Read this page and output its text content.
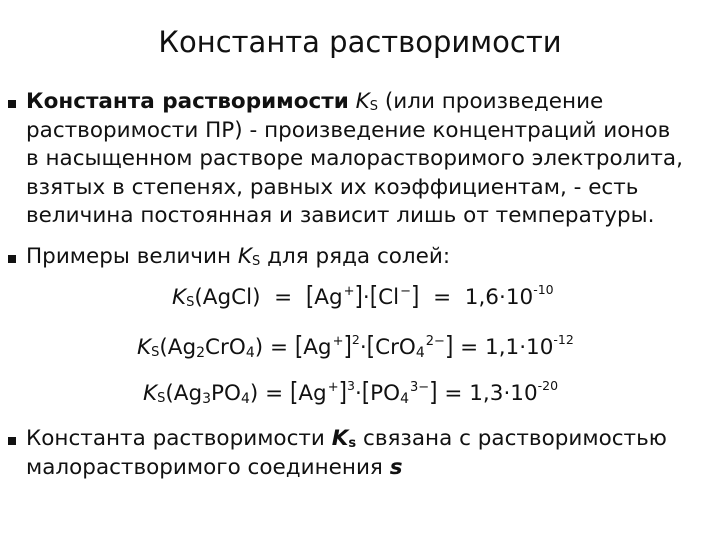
Константа растворимости
Константа растворимости $K_S$ (или произведение
растворимости ПР) - произведение концентраций ионов
в насыщенном растворе малорастворимого электролита,
взятых в степенях, равных их коэффициентам, - есть
величина постоянная и зависит лишь от температуры.
Примеры величин $K_S$ для ряда солей:
$K_S(AgCl) = [Ag^+]\cdot[Cl^-] = 1,6\cdot 10^{-10}$
$K_S(Ag_2CrO_4) = [Ag^+]^2\cdot[CrO_4^{2-}] = 1,1\cdot 10^{-12}$
$K_S(Ag_3PO_4) = [Ag^+]^3\cdot[PO_4^{3-}] = 1,3\cdot 10^{-20}$
Константа растворимости $K_s$ связана с растворимостью
малорастворимого соединения s
